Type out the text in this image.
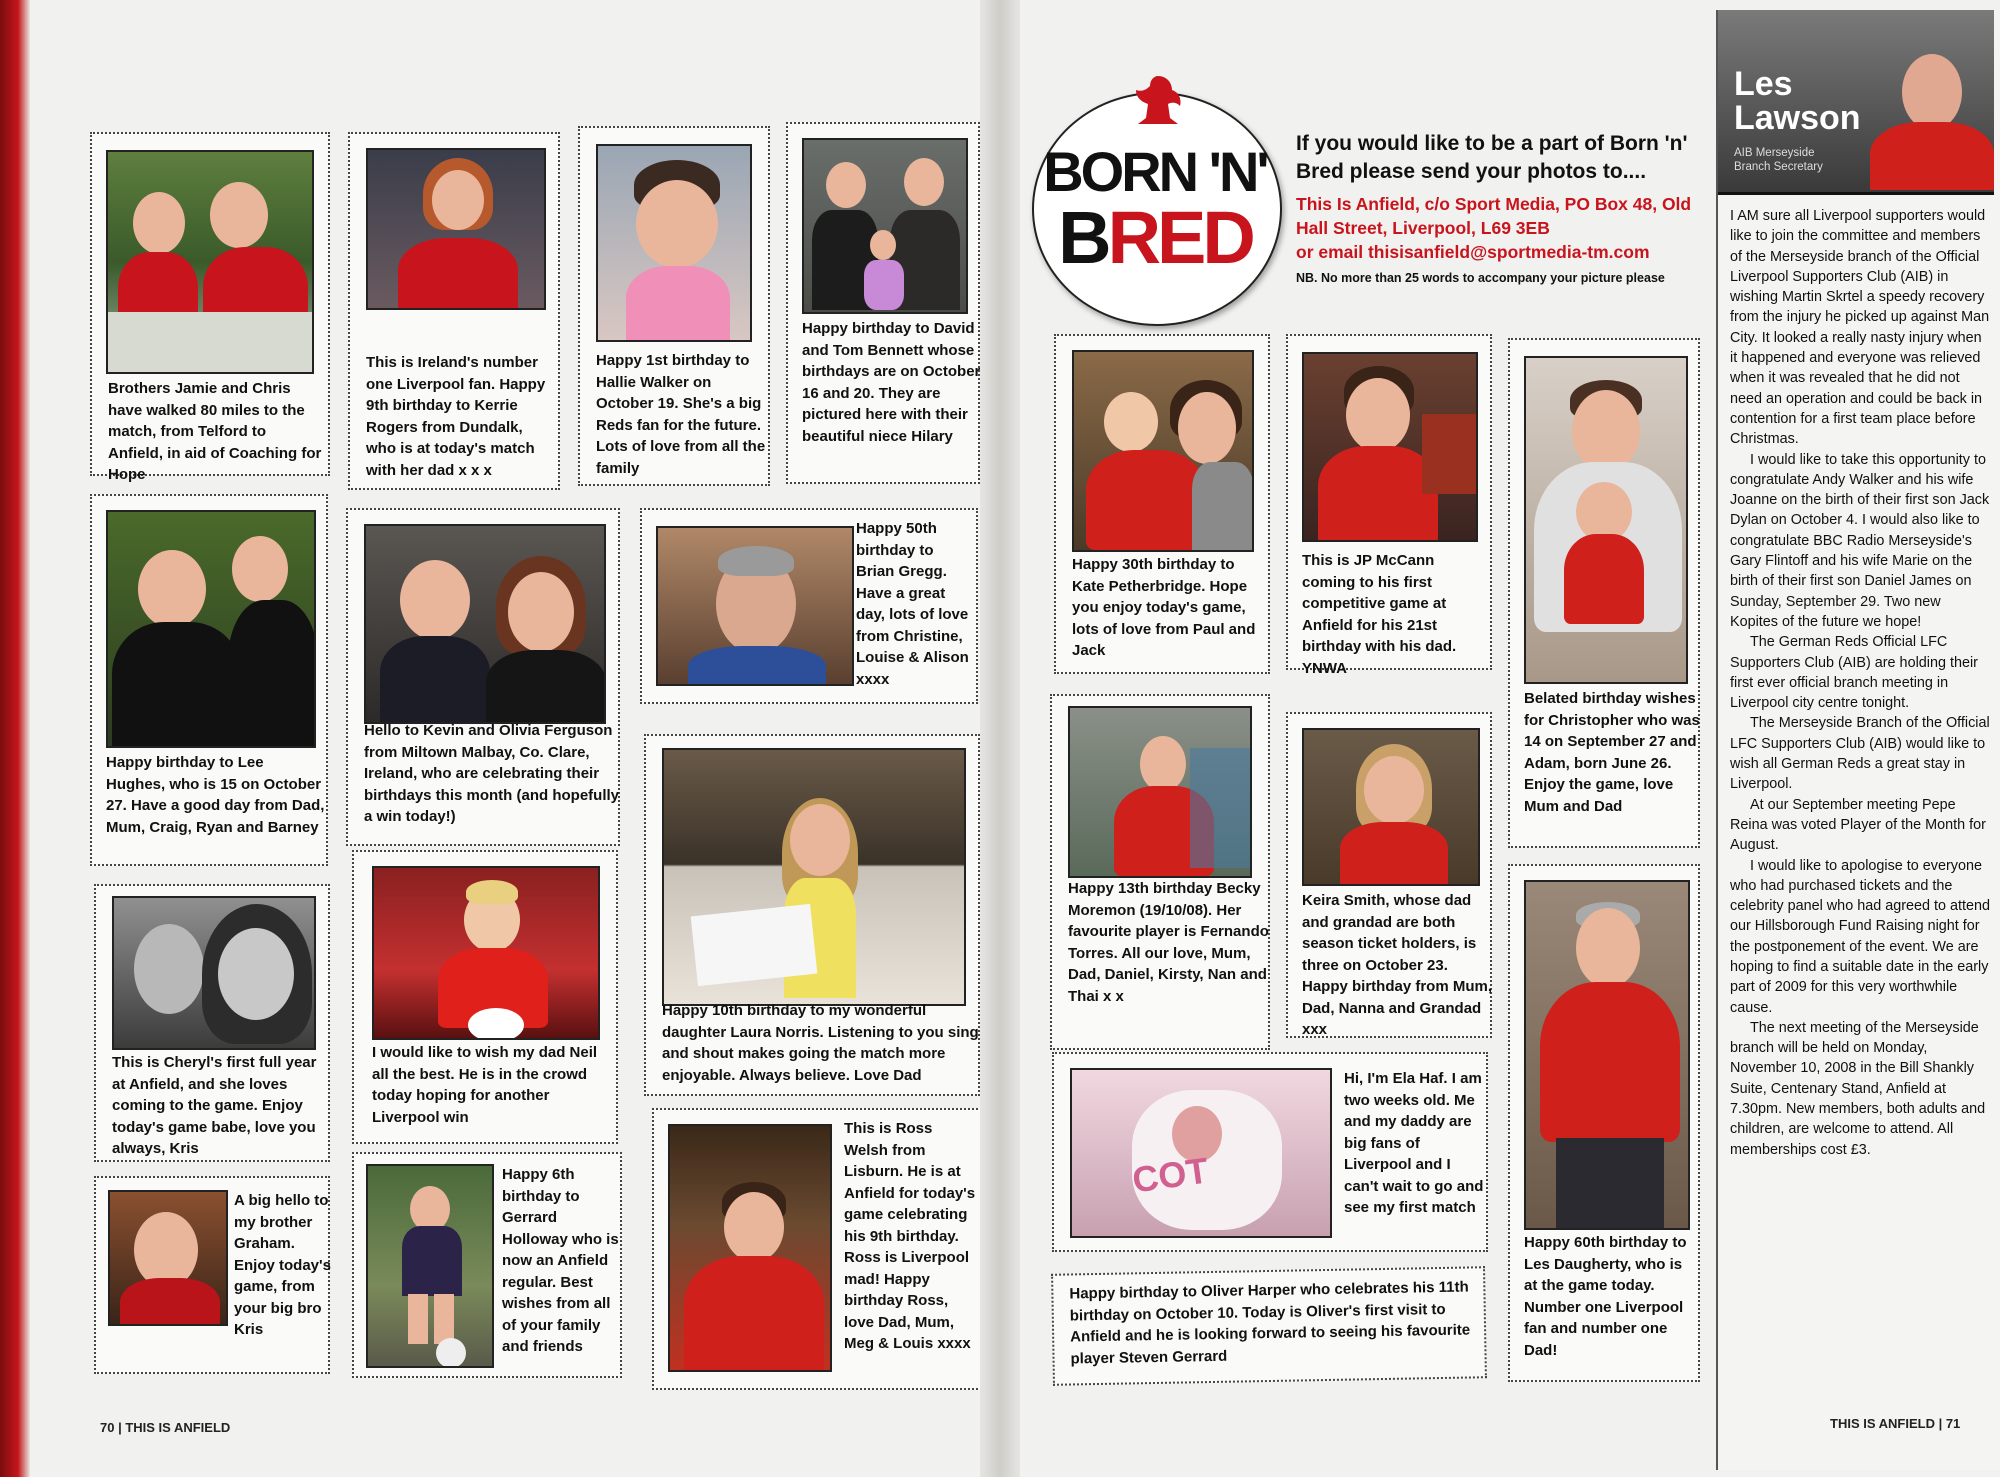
Brothers Jamie and Chris have walked 80 miles to the match, from Telford to Anfield, in aid of Coaching for Hope
This is Ireland's number one Liverpool fan. Happy 9th birthday to Kerrie Rogers from Dundalk, who is at today's match with her dad x x x
Happy 1st birthday to Hallie Walker on October 19. She's a big Reds fan for the future. Lots of love from all the family
Happy birthday to David and Tom Bennett whose birthdays are on October 16 and 20. They are pictured here with their beautiful niece Hilary
Happy birthday to Lee Hughes, who is 15 on October 27. Have a good day from Dad, Mum, Craig, Ryan and Barney
Hello to Kevin and Olivia Ferguson from Miltown Malbay, Co. Clare, Ireland, who are celebrating their birthdays this month (and hopefully a win today!)
Happy 50th birthday to Brian Gregg. Have a great day, lots of love from Christine, Louise & Alison xxxx
This is Cheryl's first full year at Anfield, and she loves coming to the game. Enjoy today's game babe, love you always, Kris
I would like to wish my dad Neil all the best. He is in the crowd today hoping for another Liverpool win
Happy 10th birthday to my wonderful daughter Laura Norris. Listening to you sing and shout makes going the match more enjoyable. Always believe. Love Dad
A big hello to my brother Graham. Enjoy today's game, from your big bro Kris
Happy 6th birthday to Gerrard Holloway who is now an Anfield regular. Best wishes from all of your family and friends
This is Ross Welsh from Lisburn. He is at Anfield for today's game celebrating his 9th birthday. Ross is Liverpool mad! Happy birthday Ross, love Dad, Mum, Meg & Louis xxxx
70 | THIS IS ANFIELD
BORN 'N'
BRED
If you would like to be a part of Born 'n' Bred please send your photos to....
This Is Anfield, c/o Sport Media, PO Box 48, Old Hall Street, Liverpool, L69 3EB
or email thisisanfield@sportmedia-tm.com
NB. No more than 25 words to accompany your picture please
Happy 30th birthday to Kate Petherbridge. Hope you enjoy today's game, lots of love from Paul and Jack
This is JP McCann coming to his first competitive game at Anfield for his 21st birthday with his dad. YNWA
Belated birthday wishes for Christopher who was 14 on September 27 and Adam, born June 26. Enjoy the game, love Mum and Dad
Happy 13th birthday Becky Moremon (19/10/08). Her favourite player is Fernando Torres. All our love, Mum, Dad, Daniel, Kirsty, Nan and Thai x x
Keira Smith, whose dad and grandad are both season ticket holders, is three on October 23. Happy birthday from Mum, Dad, Nanna and Grandad xxx
Happy 60th birthday to Les Daugherty, who is at the game today. Number one Liverpool fan and number one Dad!
COT
Hi, I'm Ela Haf. I am two weeks old. Me and my daddy are big fans of Liverpool and I can't wait to go and see my first match
Happy birthday to Oliver Harper who celebrates his 11th birthday on October 10. Today is Oliver's first visit to Anfield and he is looking forward to seeing his favourite player Steven Gerrard
Les
Lawson
AIB Merseyside
Branch Secretary

I AM sure all Liverpool supporters would like to join the committee and members of the Merseyside branch of the Official Liverpool Supporters Club (AIB) in wishing Martin Skrtel a speedy recovery from the injury he picked up against Man City. It looked a really nasty injury when it happened and everyone was relieved when it was revealed that he did not need an operation and could be back in contention for a first team place before Christmas.

I would like to take this opportunity to congratulate Andy Walker and his wife Joanne on the birth of their first son Jack Dylan on October 4. I would also like to congratulate BBC Radio Merseyside's Gary Flintoff and his wife Marie on the birth of their first son Daniel James on Sunday, September 29. Two new Kopites of the future we hope!

The German Reds Official LFC Supporters Club (AIB) are holding their first ever official branch meeting in Liverpool city centre tonight.

The Merseyside Branch of the Official LFC Supporters Club (AIB) would like to wish all German Reds a great stay in Liverpool.

At our September meeting Pepe Reina was voted Player of the Month for August.

I would like to apologise to everyone who had purchased tickets and the celebrity panel who had agreed to attend our Hillsborough Fund Raising night for the postponement of the event. We are hoping to find a suitable date in the early part of 2009 for this very worthwhile cause.

The next meeting of the Merseyside branch will be held on Monday, November 10, 2008 in the Bill Shankly Suite, Centenary Stand, Anfield at 7.30pm. New members, both adults and children, are welcome to attend. All memberships cost £3.

THIS IS ANFIELD | 71
